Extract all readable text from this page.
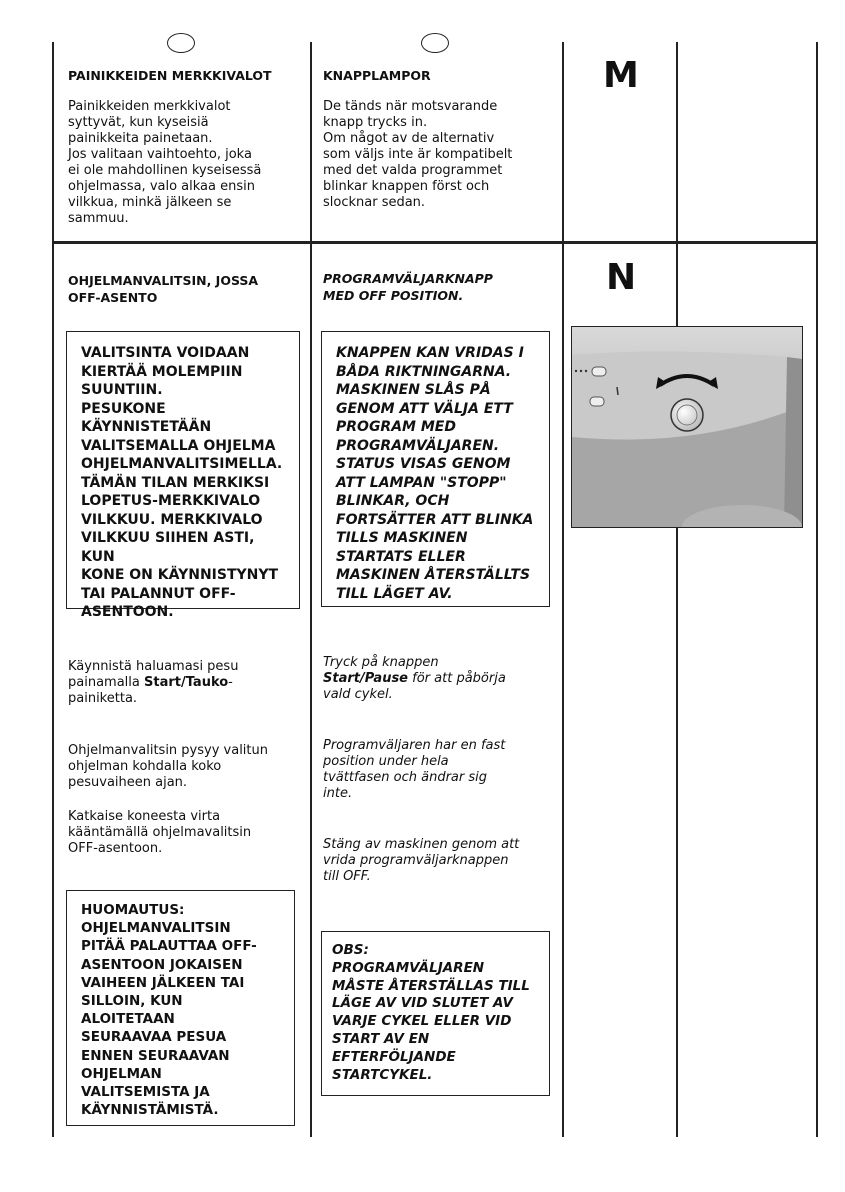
PAINIKKEIDEN MERKKIVALOT

Painikkeiden merkkivalot
syttyvät, kun kyseisiä
painikkeita painetaan.
Jos valitaan vaihtoehto, joka
ei ole mahdollinen kyseisessä
ohjelmassa, valo alkaa ensin
vilkkua, minkä jälkeen se
sammuu.

KNAPPLAMPOR

De tänds när motsvarande
knapp trycks in.
Om något av de alternativ
som väljs inte är kompatibelt
med det valda programmet
blinkar knappen först och
slocknar sedan.

M

OHJELMANVALITSIN, JOSSA
OFF-ASENTO

PROGRAMVÄLJARKNAPP
MED OFF POSITION.	N

VALITSINTA VOIDAAN
KIERTÄÄ MOLEMPIIN
SUUNTIIN.
PESUKONE
KÄYNNISTETÄÄN
VALITSEMALLA OHJELMA
OHJELMANVALITSIMELLA.
TÄMÄN TILAN MERKIKSI
LOPETUS-MERKKIVALO
VILKKUU. MERKKIVALO
VILKKUU SIIHEN ASTI, KUN
KONE ON KÄYNNISTYNYT
TAI PALANNUT OFF-
ASENTOON.

KNAPPEN KAN VRIDAS I
BÅDA RIKTNINGARNA.
MASKINEN SLÅS PÅ
GENOM ATT VÄLJA ETT
PROGRAM MED
PROGRAMVÄLJAREN.
STATUS VISAS GENOM
ATT LAMPAN "STOPP"
BLINKAR, OCH
FORTSÄTTER ATT BLINKA
TILLS MASKINEN
STARTATS ELLER
MASKINEN ÅTERSTÄLLTS
TILL LÄGET AV.

Käynnistä haluamasi pesu
painamalla Start/Tauko-
painiketta.

Ohjelmanvalitsin pysyy valitun
ohjelman kohdalla koko
pesuvaiheen ajan.

Katkaise koneesta virta
kääntämällä ohjelmavalitsin
OFF-asentoon.

Tryck på knappen
Start/Pause för att påbörja
vald cykel.

Programväljaren har en fast
position under hela
tvättfasen och ändrar sig
inte.

Stäng av maskinen genom att
vrida programväljarknappen
till OFF.

HUOMAUTUS:
OHJELMANVALITSIN
PITÄÄ PALAUTTAA OFF-
ASENTOON JOKAISEN
VAIHEEN JÄLKEEN TAI
SILLOIN, KUN
ALOITETAAN
SEURAAVAA PESUA
ENNEN SEURAAVAN
OHJELMAN
VALITSEMISTA JA
KÄYNNISTÄMISTÄ.

OBS:
PROGRAMVÄLJAREN
MÅSTE ÅTERSTÄLLAS TILL
LÄGE AV VID SLUTET AV
VARJE CYKEL ELLER VID
START AV EN
EFTERFÖLJANDE
STARTCYKEL.
